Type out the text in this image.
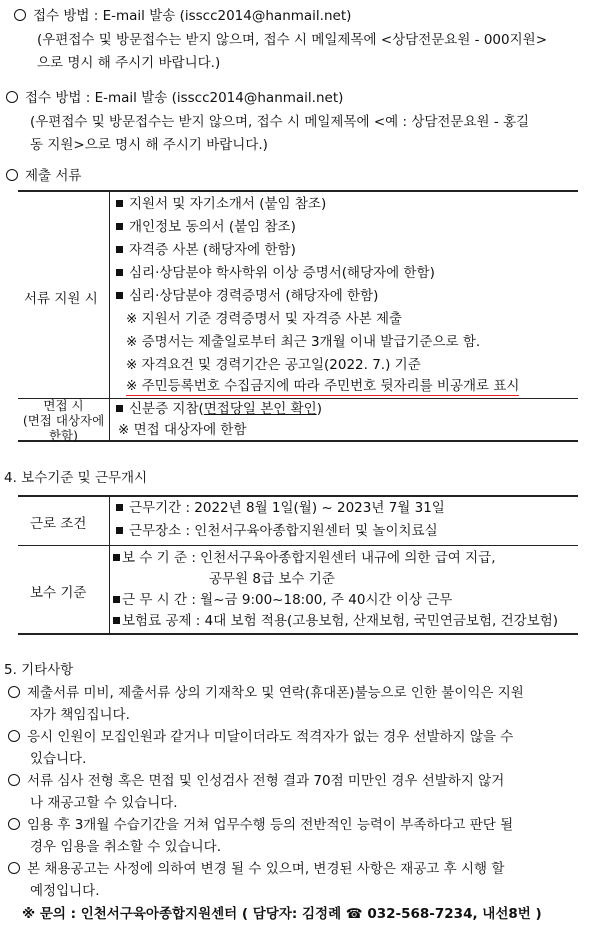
접수 방법 : E-mail 발송 (isscc2014@hanmail.net)
(우편접수 및 방문접수는 받지 않으며, 접수 시 메일제목에 <상담전문요원 - 000지원>
으로 명시 해 주시기 바랍니다.)
접수 방법 : E-mail 발송 (isscc2014@hanmail.net)
(우편접수 및 방문접수는 받지 않으며, 접수 시 메일제목에 <예 : 상담전문요원 - 홍길
동 지원>으로 명시 해 주시기 바랍니다.)
제출 서류
서류 지원 시
지원서 및 자기소개서 (붙임 참조)
개인정보 동의서 (붙임 참조)
자격증 사본 (해당자에 한함)
심리·상담분야 학사학위 이상 증명서(해당자에 한함)
심리·상담분야 경력증명서 (해당자에 한함)
※ 지원서 기준 경력증명서 및 자격증 사본 제출
※ 증명서는 제출일로부터 최근 3개월 이내 발급기준으로 함.
※ 자격요건 및 경력기간은 공고일(2022. 7.) 기준
※ 주민등록번호 수집금지에 따라 주민번호 뒷자리를 비공개로 표시
면접 시
(면접 대상자에
한함)
신분증 지참(면접당일 본인 확인)
※ 면접 대상자에 한함
4. 보수기준 및 근무개시
근로 조건
근무기간 : 2022년 8월 1일(월) ~ 2023년 7월 31일
근무장소 : 인천서구육아종합지원센터 및 놀이치료실
보수 기준
보 수 기 준 : 인천서구육아종합지원센터 내규에 의한 급여 지급,
공무원 8급 보수 기준
근 무 시 간 : 월~금 9:00~18:00, 주 40시간 이상 근무
보험료 공제 : 4대 보험 적용(고용보험, 산재보험, 국민연금보험, 건강보험)
5. 기타사항
제출서류 미비, 제출서류 상의 기재착오 및 연락(휴대폰)불능으로 인한 불이익은 지원
자가 책임집니다.
응시 인원이 모집인원과 같거나 미달이더라도 적격자가 없는 경우 선발하지 않을 수
있습니다.
서류 심사 전형 혹은 면접 및 인성검사 전형 결과 70점 미만인 경우 선발하지 않거
나 재공고할 수 있습니다.
임용 후 3개월 수습기간을 거쳐 업무수행 등의 전반적인 능력이 부족하다고 판단 될
경우 임용을 취소할 수 있습니다.
본 채용공고는 사정에 의하여 변경 될 수 있으며, 변경된 사항은 재공고 후 시행 할
예정입니다.
※ 문의 : 인천서구육아종합지원센터 ( 담당자: 김정례 ☎ 032-568-7234, 내선8번 )
